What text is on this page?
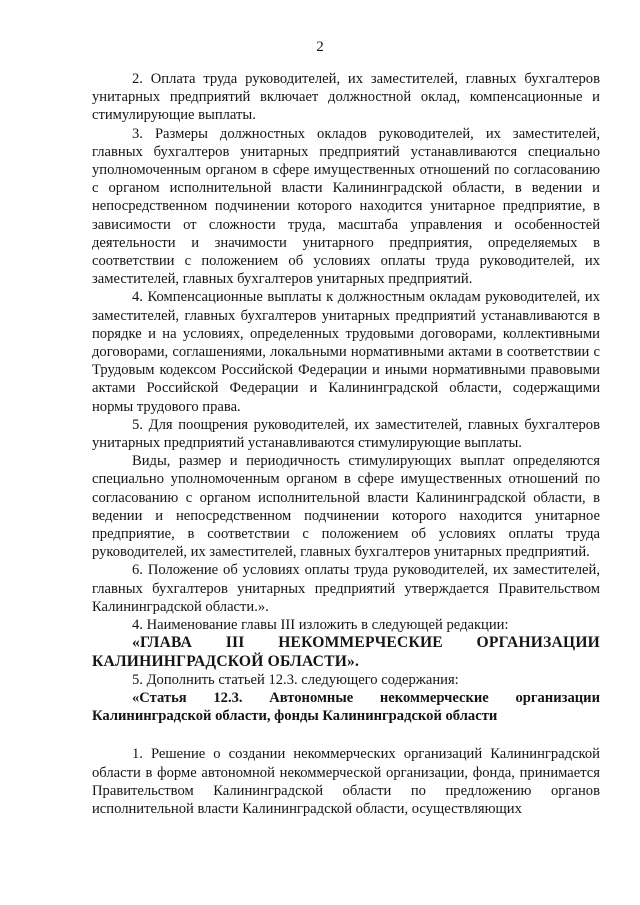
2

2. Оплата труда руководителей, их заместителей, главных бухгалтеров унитарных предприятий включает должностной оклад, компенсационные и стимулирующие выплаты.

3. Размеры должностных окладов руководителей, их заместителей, главных бухгалтеров унитарных предприятий устанавливаются специально уполномоченным органом в сфере имущественных отношений по согласованию с органом исполнительной власти Калининградской области, в ведении и непосредственном подчинении которого находится унитарное предприятие, в зависимости от сложности труда, масштаба управления и особенностей деятельности и значимости унитарного предприятия, определяемых в соответствии с положением об условиях оплаты труда руководителей, их заместителей, главных бухгалтеров унитарных предприятий.

4. Компенсационные выплаты к должностным окладам руководителей, их заместителей, главных бухгалтеров унитарных предприятий устанавливаются в порядке и на условиях, определенных трудовыми договорами, коллективными договорами, соглашениями, локальными нормативными актами в соответствии с Трудовым кодексом Российской Федерации и иными нормативными правовыми актами Российской Федерации и Калининградской области, содержащими нормы трудового права.

5. Для поощрения руководителей, их заместителей, главных бухгалтеров унитарных предприятий устанавливаются стимулирующие выплаты.

Виды, размер и периодичность стимулирующих выплат определяются специально уполномоченным органом в сфере имущественных отношений по согласованию с органом исполнительной власти Калининградской области, в ведении и непосредственном подчинении которого находится унитарное предприятие, в соответствии с положением об условиях оплаты труда руководителей, их заместителей, главных бухгалтеров унитарных предприятий.

6. Положение об условиях оплаты труда руководителей, их заместителей, главных бухгалтеров унитарных предприятий утверждается Правительством Калининградской области.».

4. Наименование главы III изложить в следующей редакции:

«ГЛАВА III НЕКОММЕРЧЕСКИЕ ОРГАНИЗАЦИИ КАЛИНИНГРАДСКОЙ ОБЛАСТИ».

5. Дополнить статьей 12.3. следующего содержания:

«Статья 12.3. Автономные некоммерческие организации Калининградской области, фонды Калининградской области

1. Решение о создании некоммерческих организаций Калининградской области в форме автономной некоммерческой организации, фонда, принимается Правительством Калининградской области по предложению органов исполнительной власти Калининградской области, осуществляющих
